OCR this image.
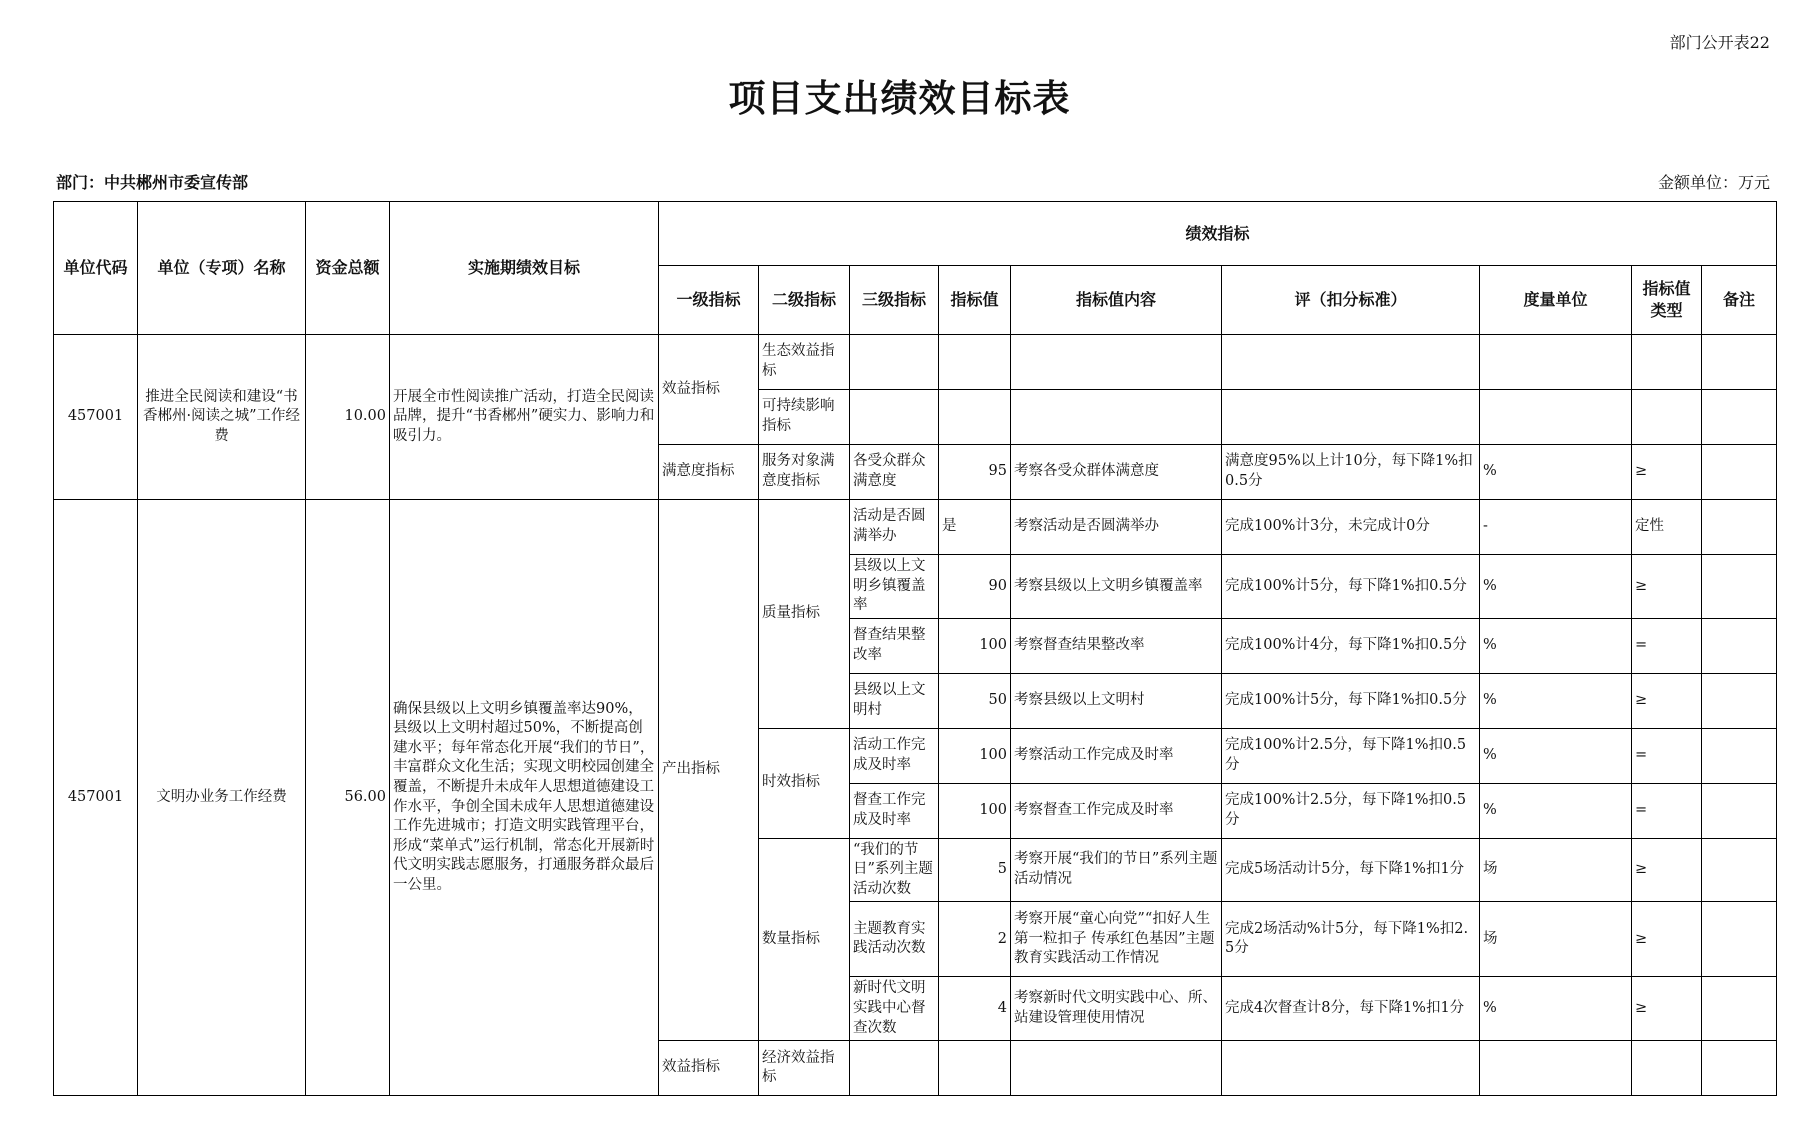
部门公开表22
项目支出绩效目标表
部门：中共郴州市委宣传部	金额单位：万元
单位代码	单位（专项）名称	资金总额	实施期绩效目标	绩效指标								
				一级指标	二级指标	三级指标	指标值	指标值内容	评（扣分标准）	度量单位	指标值类型	备注
457001	推进全民阅读和建设“书香郴州·阅读之城”工作经费	10.00	开展全市性阅读推广活动，打造全民阅读品牌，提升“书香郴州”硬实力、影响力和吸引力。	效益指标	生态效益指标							
					可持续影响指标							
				满意度指标	服务对象满意度指标	各受众群众满意度	95	考察各受众群体满意度	满意度95%以上计10分，每下降1%扣0.5分	%	≥	
457001	文明办业务工作经费	56.00	确保县级以上文明乡镇覆盖率达90%，县级以上文明村超过50%，不断提高创建水平；每年常态化开展“我们的节日”，丰富群众文化生活；实现文明校园创建全覆盖，不断提升未成年人思想道德建设工作水平，争创全国未成年人思想道德建设工作先进城市；打造文明实践管理平台， 形成“菜单式”运行机制，常态化开展新时代文明实践志愿服务，打通服务群众最后一公里。	产出指标	质量指标	活动是否圆满举办	是	考察活动是否圆满举办	完成100%计3分，未完成计0分	-	定性	
						县级以上文明乡镇覆盖率	90	考察县级以上文明乡镇覆盖率	完成100%计5分，每下降1%扣0.5分	%	≥	
						督查结果整改率	100	考察督查结果整改率	完成100%计4分，每下降1%扣0.5分	%	=	
						县级以上文明村	50	考察县级以上文明村	完成100%计5分，每下降1%扣0.5分	%	≥	
					时效指标	活动工作完成及时率	100	考察活动工作完成及时率	完成100%计2.5分，每下降1%扣0.5分	%	=	
						督查工作完成及时率	100	考察督查工作完成及时率	完成100%计2.5分，每下降1%扣0.5分	%	=	
					数量指标	“我们的节日”系列主题活动次数	5	考察开展“我们的节日”系列主题活动情况	完成5场活动计5分，每下降1%扣1分	场	≥	
						主题教育实践活动次数	2	考察开展“童心向党”“扣好人生第一粒扣子 传承红色基因”主题教育实践活动工作情况	完成2场活动%计5分，每下降1%扣2.5分	场	≥	
						新时代文明实践中心督查次数	4	考察新时代文明实践中心、所、站建设管理使用情况	完成4次督查计8分，每下降1%扣1分	%	≥	
				效益指标	经济效益指标							
